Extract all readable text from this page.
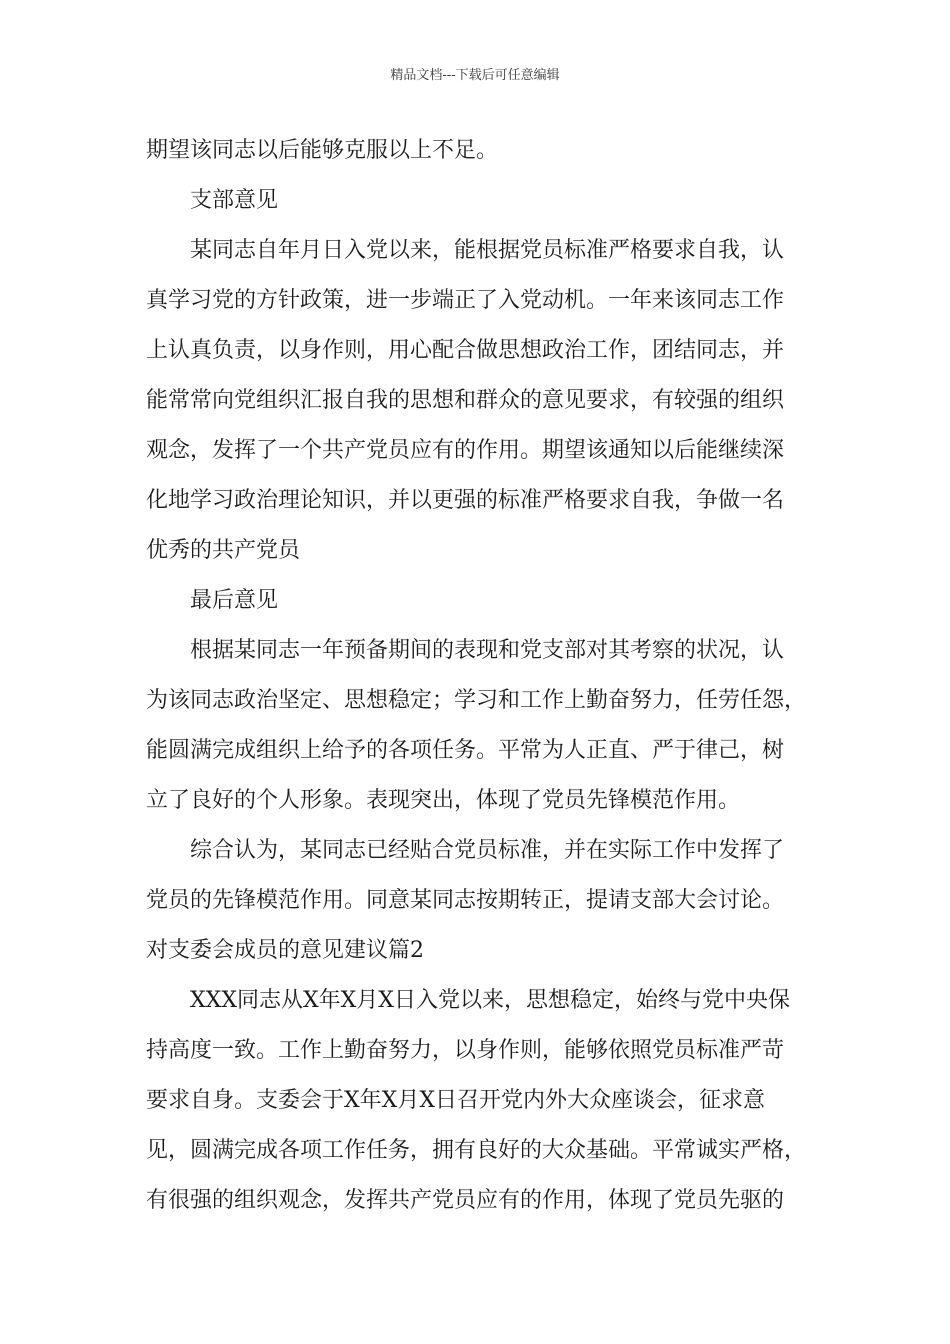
精品文档---下载后可任意编辑
期望该同志以后能够克服以上不足。
支部意见
某同志自年月日入党以来，能根据党员标准严格要求自我，认
真学习党的方针政策，进一步端正了入党动机。一年来该同志工作
上认真负责，以身作则，用心配合做思想政治工作，团结同志，并
能常常向党组织汇报自我的思想和群众的意见要求，有较强的组织
观念，发挥了一个共产党员应有的作用。期望该通知以后能继续深
化地学习政治理论知识，并以更强的标准严格要求自我，争做一名
优秀的共产党员
最后意见
根据某同志一年预备期间的表现和党支部对其考察的状况，认
为该同志政治坚定、思想稳定；学习和工作上勤奋努力，任劳任怨，
能圆满完成组织上给予的各项任务。平常为人正直、严于律己，树
立了良好的个人形象。表现突出，体现了党员先锋模范作用。
综合认为，某同志已经贴合党员标准，并在实际工作中发挥了
党员的先锋模范作用。同意某同志按期转正，提请支部大会讨论。
对支委会成员的意见建议篇2
XXX同志从X年X月X日入党以来，思想稳定，始终与党中央保
持高度一致。工作上勤奋努力，以身作则，能够依照党员标准严苛
要求自身。支委会于X年X月X日召开党内外大众座谈会，征求意
见，圆满完成各项工作任务，拥有良好的大众基础。平常诚实严格，
有很强的组织观念，发挥共产党员应有的作用，体现了党员先驱的
